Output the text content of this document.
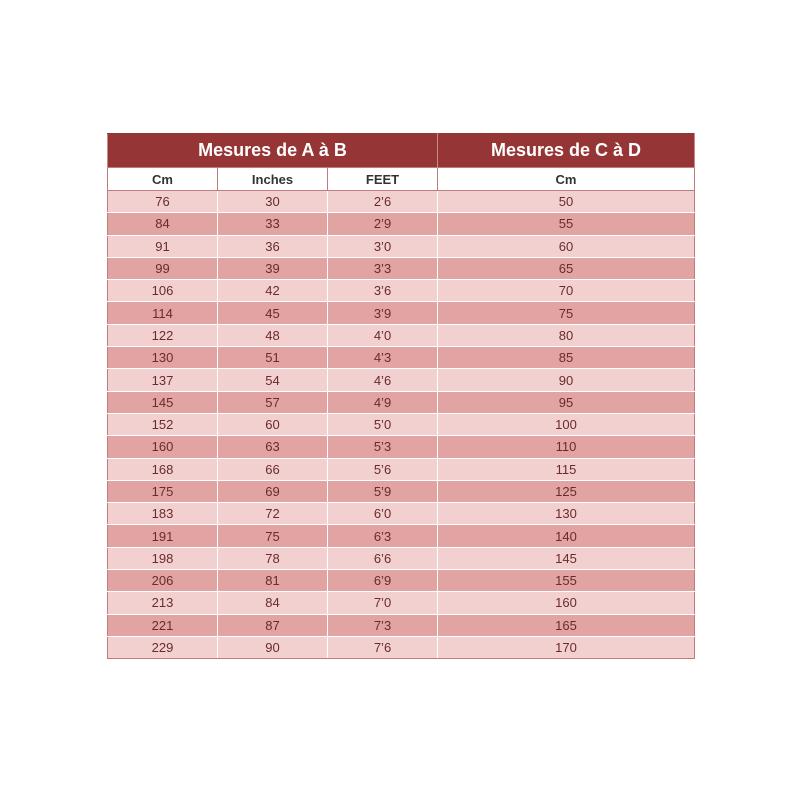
Mesures de A à B			Mesures de C à D
Cm	Inches	FEET	Cm
76	30	2’6	50
84	33	2’9	55
91	36	3’0	60
99	39	3’3	65
106	42	3’6	70
114	45	3’9	75
122	48	4’0	80
130	51	4’3	85
137	54	4’6	90
145	57	4’9	95
152	60	5’0	100
160	63	5’3	110
168	66	5’6	115
175	69	5’9	125
183	72	6’0	130
191	75	6’3	140
198	78	6’6	145
206	81	6’9	155
213	84	7’0	160
221	87	7’3	165
229	90	7’6	170
